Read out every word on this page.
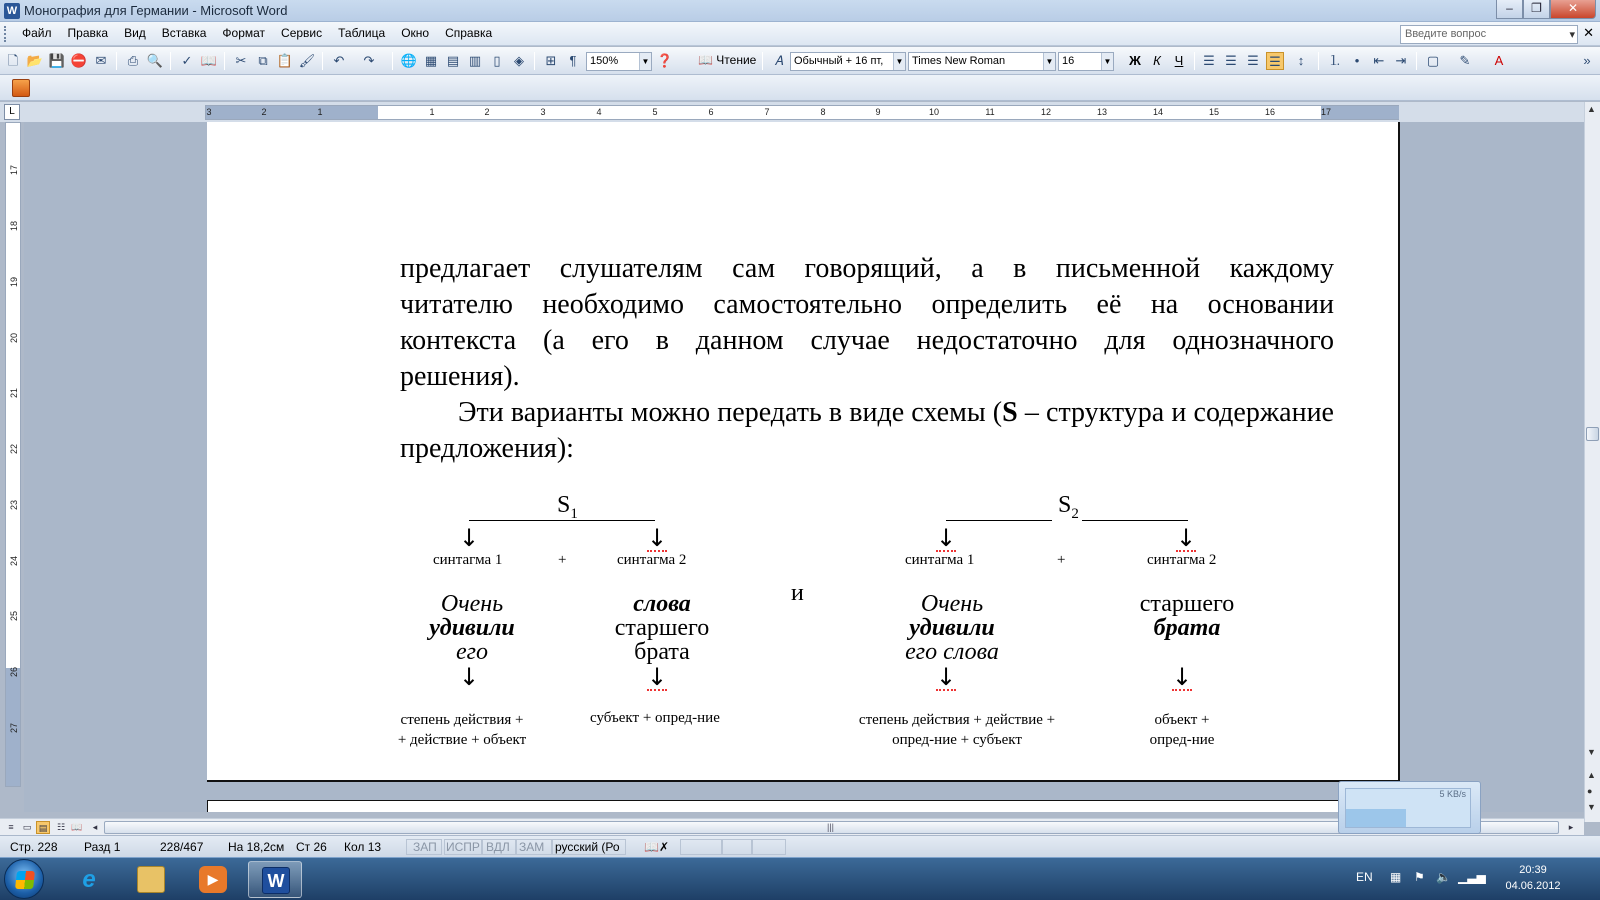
W Монография для Германии - Microsoft Word	–	❐	✕
Файл	Правка	Вид	Вставка	Формат	Сервис	Таблица	Окно	Справка	✕
Введите вопрос	▾
🗋 📂 💾 ⛔ ✉ ⎙ 🔍 ✓ 📖 ✂ ⧉ 📋 🖌 ↶ ↷ 🌐 ▦ ▤ ▥ ▯	◈	⊞	¶	150%	▼ ❓	📖 Чтение	𝐴 Обычный + 16 пт,	▼ Times New Roman	▼ 16	▼ Ж К	Ч	☰ ☰ ☰ ☰	↕	⒈	•	⇤ ⇥ ▢ ✎	A	»
L	3	2	1	1	2	3	4	5	6	7	8	9	10	11	12	13	14	15	16	17
17
18
19
20
21
22
23
24
25
26
27
предлагает слушателям сам говорящий, а в письменной каждому
читателю необходимо самостоятельно определить её на основании
контекста (а его в данном случае недостаточно для однозначного
решения).

Эти варианты можно передать в виде схемы (S – структура и содержание предложения):

$S_1$
↓	↓
синтагма 1	+	синтагма 2
$S_2$
↓	↓
синтагма 1	+	синтагма 2
Очень
удивили
его
слова
старшего
брата
и	Очень
удивили
его слова
старшего
брата
↓	↓	↓	↓
степень действия +
+ действие + объект
субъект + опред-ние	степень действия + действие +
опред-ние + субъект
объект +
опред-ние
▲
▼
▲
●
▼
≡	▭ ▤	☷ 📖	◂	|||	▸
5 KB/s
Стр. 228 Разд 1	228/467 На 18,2см Ст 26 Кол 13	ЗАП ИСПР ВДЛ ЗАМ русский (Ро 📖✗
e	▶	W	EN ▦ ⚑ 🔈 ▁▃▅	20:39
04.06.2012
